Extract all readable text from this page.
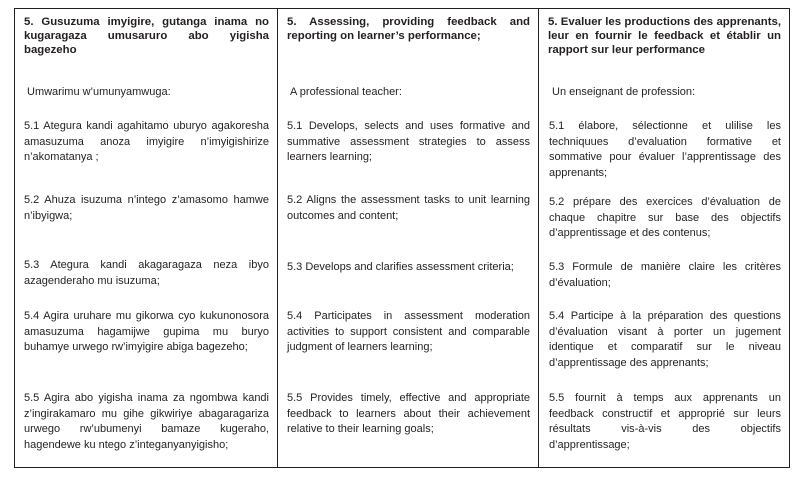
5. Gusuzuma imyigire, gutanga inama no kugaragaza umusaruro abo yigisha bagezeho
Umwarimu w’umunyamwuga:
5.1 Ategura kandi agahitamo uburyo agakoresha amasuzuma anoza imyigire n’imyigishirize n’akomatanya ;
5.2 Ahuza isuzuma n’intego z’amasomo hamwe n’ibyigwa;
5.3 Ategura kandi akagaragaza neza ibyo azagenderaho mu isuzuma;
5.4 Agira uruhare mu gikorwa cyo kukunonosora amasuzuma hagamijwe gupima mu buryo buhamye urwego rw’imyigire abiga bagezeho;
5.5 Agira abo yigisha inama za ngombwa kandi z’ingirakamaro mu gihe gikwiriye abagaragariza urwego rw’ubumenyi bamaze kugeraho, hagendewe ku ntego z’integanyanyigisho;
5. Assessing, providing feedback and reporting on learner’s performance;
A professional teacher:
5.1 Develops, selects and uses formative and summative assessment strategies to assess learners learning;
5.2 Aligns the assessment tasks to unit learning outcomes and content;
5.3 Develops and clarifies assessment criteria;
5.4 Participates in assessment moderation activities to support consistent and comparable judgment of learners learning;
5.5 Provides timely, effective and appropriate feedback to learners about their achievement relative to their learning goals;
5. Evaluer les productions des apprenants, leur en fournir le feedback et établir un rapport sur leur performance
Un enseignant de profession:
5.1 élabore, sélectionne et ulilise les techniquues d’evaluation formative et sommative pour évaluer l’apprentissage des apprenants;
5.2 prépare des exercices d’évaluation de chaque chapitre sur base des objectifs d’apprentissage et des contenus;
5.3 Formule de manière claire les critères d’évaluation;
5.4 Participe à la préparation des questions d’évaluation visant à porter un jugement identique et comparatif sur le niveau d’apprentissage des apprenants;
5.5 fournit à temps aux apprenants un feedback constructif et approprié sur leurs résultats vis-à-vis des objectifs d’apprentissage;
